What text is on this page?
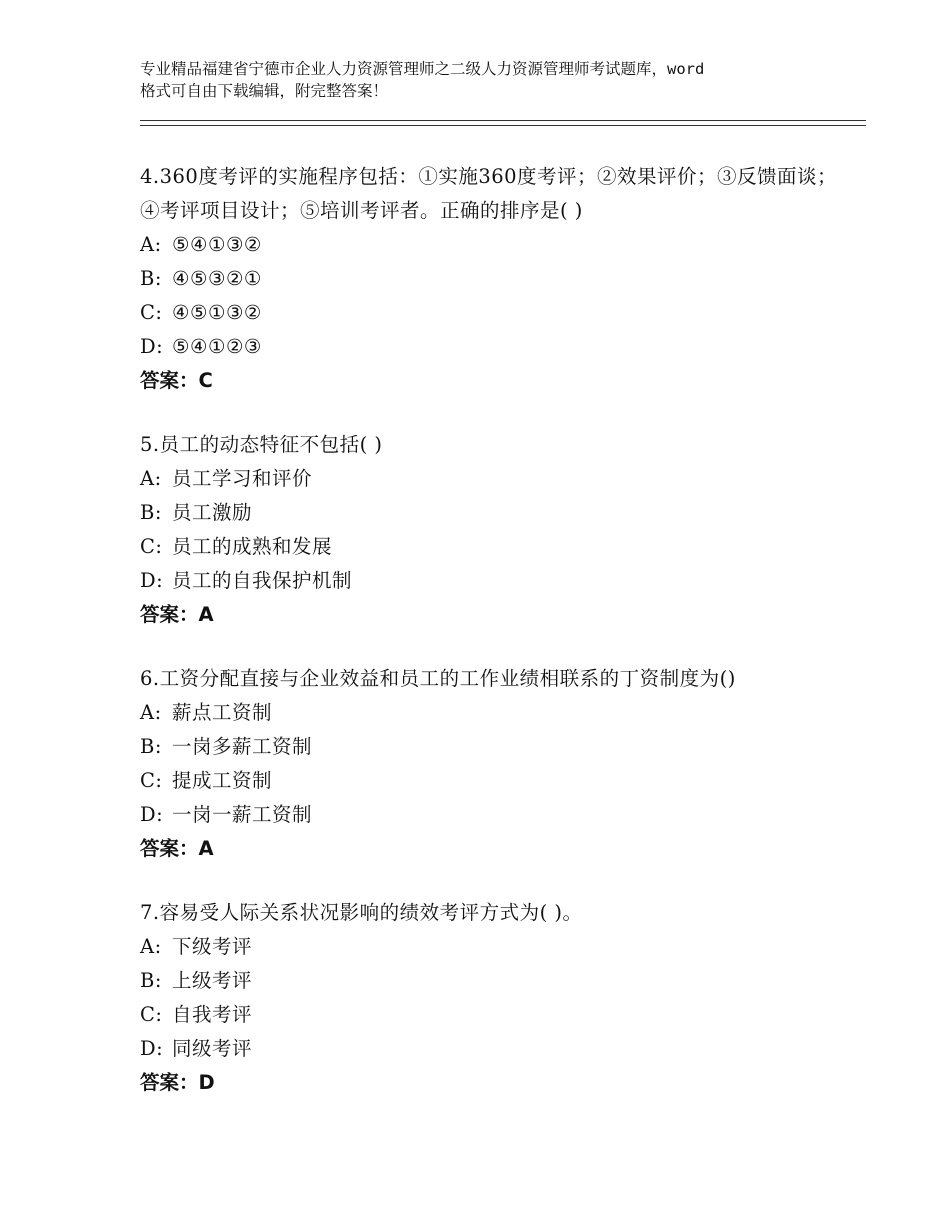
专业精品福建省宁德市企业人力资源管理师之二级人力资源管理师考试题库，word
格式可自由下载编辑，附完整答案！

4.360度考评的实施程序包括：①实施360度考评；②效果评价；③反馈面谈；④考评项目设计；⑤培训考评者。正确的排序是( )

A: ⑤④①③②
B: ④⑤③②①
C: ④⑤①③②
D: ⑤④①②③
答案：C

5.员工的动态特征不包括( )

A: 员工学习和评价
B: 员工激励
C: 员工的成熟和发展
D: 员工的自我保护机制
答案：A

6.工资分配直接与企业效益和员工的工作业绩相联系的丁资制度为()

A: 薪点工资制
B: 一岗多薪工资制
C: 提成工资制
D: 一岗一薪工资制
答案：A

7.容易受人际关系状况影响的绩效考评方式为( )。

A: 下级考评
B: 上级考评
C: 自我考评
D: 同级考评
答案：D
